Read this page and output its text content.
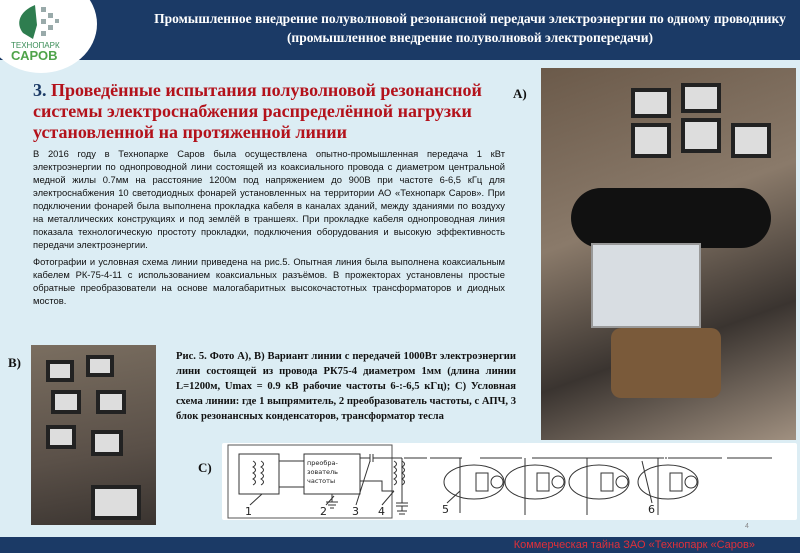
Промышленное внедрение полуволновой резонансной передачи электроэнергии по одному проводнику
(промышленное внедрение полуволновой электропередачи)
ТЕХНОПАРК
САРОВ
3. Проведённые испытания полуволновой резонансной системы электроснабжения распределённой нагрузки установленной на протяженной линии

В 2016 году в Технопарке Саров была осуществлена опытно-промышленная передача 1 кВт электроэнергии по однопроводной лини состоящей из коаксиального провода с диаметром центральной медной жилы 0.7мм на расстояние 1200м под напряжением до 900В при частоте 6-6,5 кГц для электроснабжения 10 светодиодных фонарей установленных на территории АО «Технопарк Саров». При подключении фонарей была выполнена прокладка кабеля в каналах зданий, между зданиями по воздуху на металлических конструкциях и под землёй в траншеях. При прокладке кабеля однопроводная линия показала технологическую простоту прокладки, подключения оборудования и высокую эффективность передачи электроэнергии.

Фотографии и условная схема линии приведена на рис.5. Опытная линия была выполнена коаксиальным кабелем РК-75-4-11 с использованием коаксиальных разъёмов. В прожекторах установлены простые обратные преобразователи на основе малогабаритных высокочастотных трансформаторов и диодных мостов.

А)
В)	Рис. 5. Фото А), В) Вариант линии с передачей 1000Вт электроэнергии лини состоящей из провода РК75-4 диаметром 1мм (длина линии L=1200м, Umax = 0.9 кВ рабочие частоты 6-:-6,5 кГц); С) Условная схема линии: где 1 выпрямитель, 2 преобразователь частоты, с АПЧ, 3 блок резонансных конденсаторов, трансформатор тесла
С)	преобра-
зователь
частоты
1	2 3 4	5	6
4
Коммерческая тайна ЗАО «Технопарк «Саров»
